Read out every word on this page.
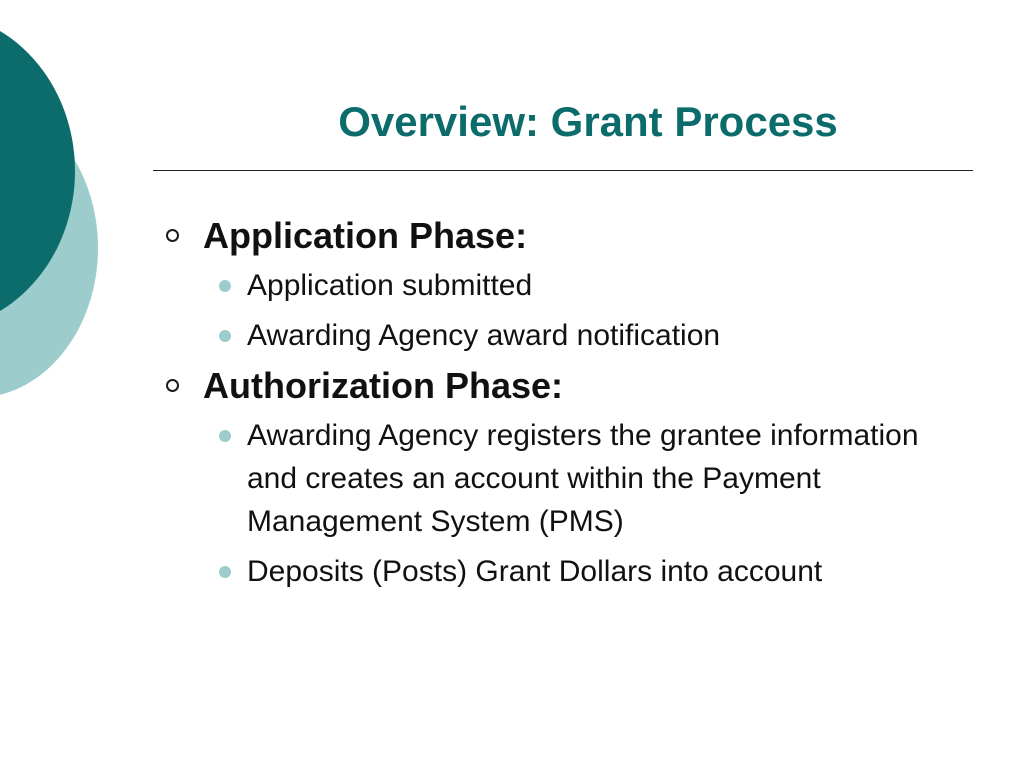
Overview: Grant Process
Application Phase:
Application submitted
Awarding Agency award notification
Authorization Phase:
Awarding Agency registers the grantee information and creates an account within the Payment Management System (PMS)
Deposits (Posts) Grant Dollars into account
